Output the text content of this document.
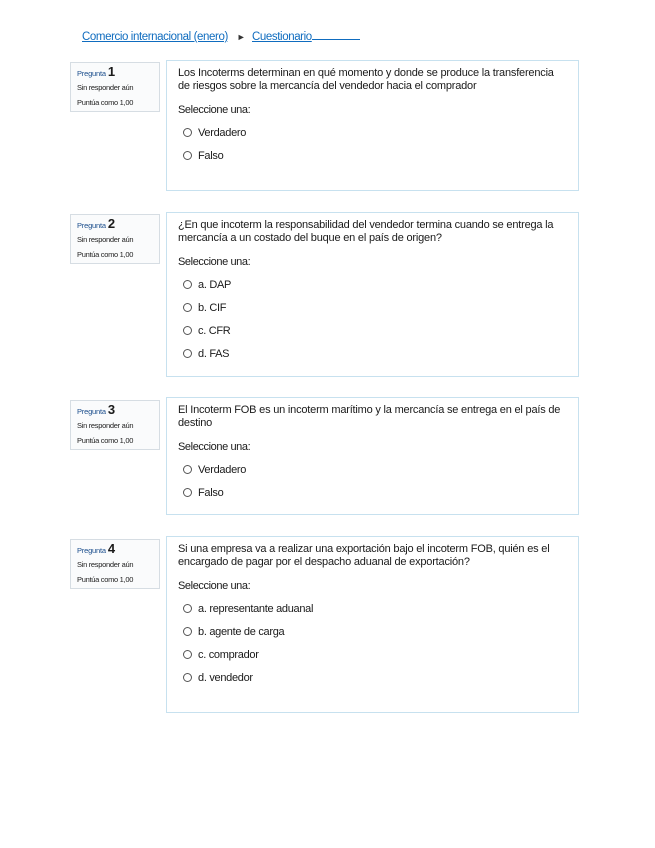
Comercio internacional (enero) ► Cuestionario
Pregunta 1
Sin responder aún
Puntúa como 1,00
Los Incoterms determinan en qué momento y donde se produce la transferencia de riesgos sobre la mercancía del vendedor hacia el comprador
Seleccione una:
Verdadero
Falso
Pregunta 2
Sin responder aún
Puntúa como 1,00
¿En que incoterm la responsabilidad del vendedor termina cuando se entrega la mercancía a un costado del buque en el país de origen?
Seleccione una:
a. DAP
b. CIF
c. CFR
d. FAS
Pregunta 3
Sin responder aún
Puntúa como 1,00
El Incoterm FOB es un incoterm marítimo y la mercancía se entrega en el país de destino
Seleccione una:
Verdadero
Falso
Pregunta 4
Sin responder aún
Puntúa como 1,00
Si una empresa va a realizar una exportación bajo el incoterm FOB, quién es el encargado de pagar por el despacho aduanal de exportación?
Seleccione una:
a. representante aduanal
b. agente de carga
c. comprador
d. vendedor
